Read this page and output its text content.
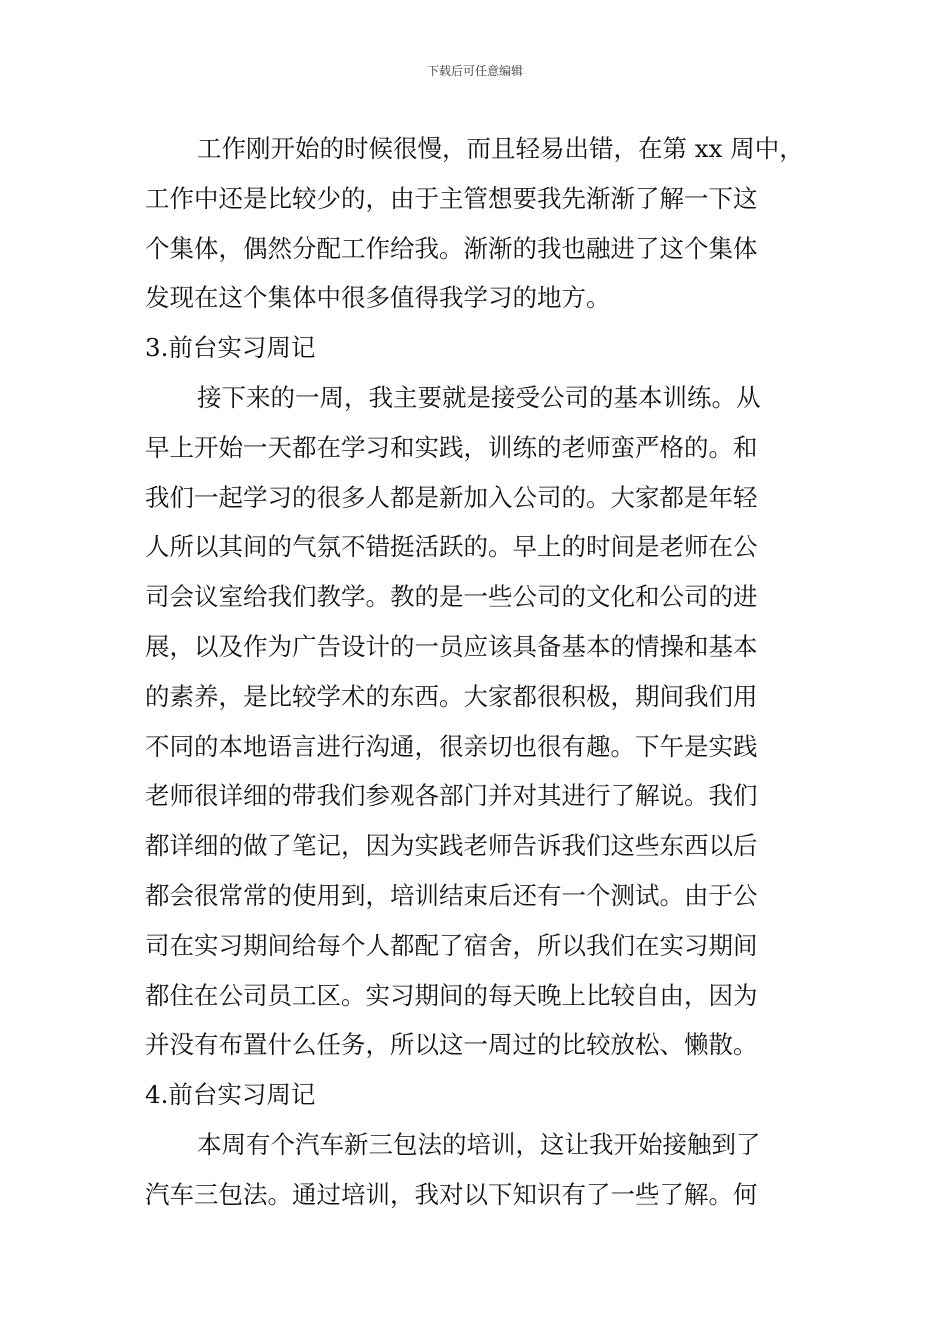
下载后可任意编辑
工作刚开始的时候很慢，而且轻易出错，在第 xx 周中，
工作中还是比较少的，由于主管想要我先渐渐了解一下这
个集体，偶然分配工作给我。渐渐的我也融进了这个集体
发现在这个集体中很多值得我学习的地方。
3.前台实习周记
接下来的一周，我主要就是接受公司的基本训练。从
早上开始一天都在学习和实践，训练的老师蛮严格的。和
我们一起学习的很多人都是新加入公司的。大家都是年轻
人所以其间的气氛不错挺活跃的。早上的时间是老师在公
司会议室给我们教学。教的是一些公司的文化和公司的进
展，以及作为广告设计的一员应该具备基本的情操和基本
的素养，是比较学术的东西。大家都很积极，期间我们用
不同的本地语言进行沟通，很亲切也很有趣。下午是实践
老师很详细的带我们参观各部门并对其进行了解说。我们
都详细的做了笔记，因为实践老师告诉我们这些东西以后
都会很常常的使用到，培训结束后还有一个测试。由于公
司在实习期间给每个人都配了宿舍，所以我们在实习期间
都住在公司员工区。实习期间的每天晚上比较自由，因为
并没有布置什么任务，所以这一周过的比较放松、懒散。
4.前台实习周记
本周有个汽车新三包法的培训，这让我开始接触到了
汽车三包法。通过培训，我对以下知识有了一些了解。何
